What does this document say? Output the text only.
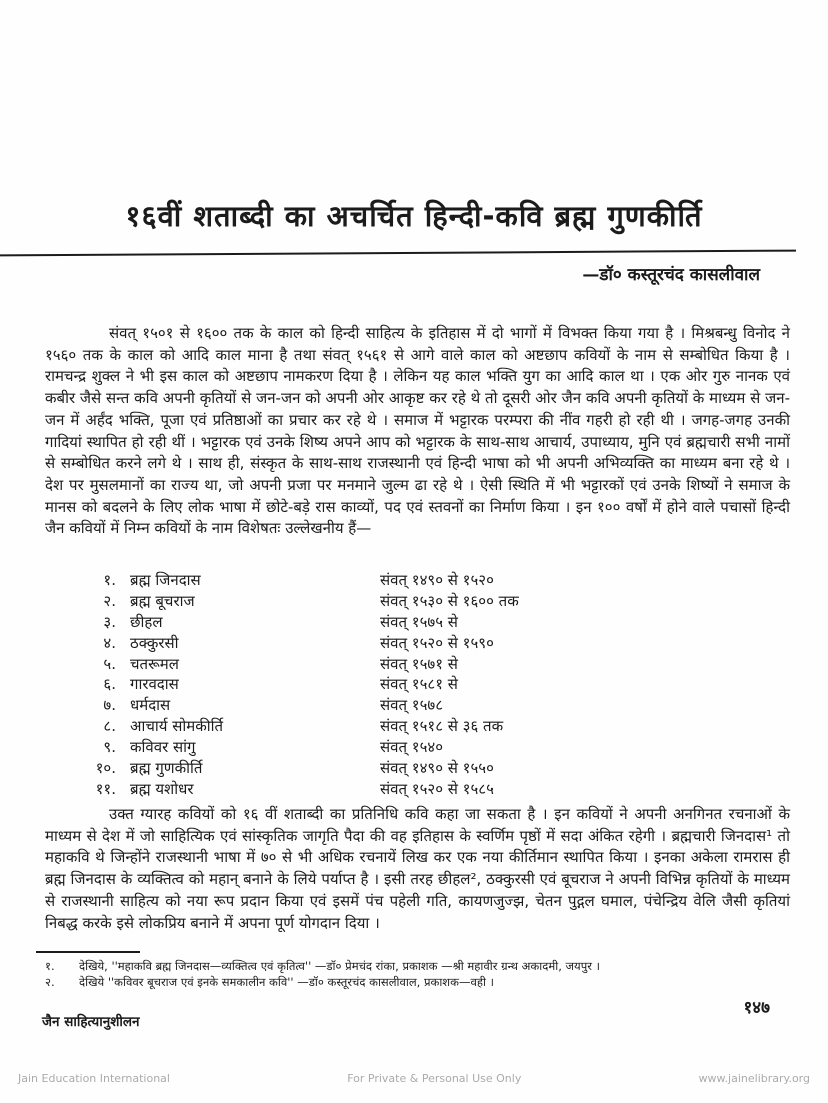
१६वीं शताब्दी का अचर्चित हिन्दी-कवि ब्रह्म गुणकीर्ति
—डॉ० कस्तूरचंद कासलीवाल

संवत् १५०१ से १६०० तक के काल को हिन्दी साहित्य के इतिहास में दो भागों में विभक्त किया गया है । मिश्रबन्धु विनोद ने १५६० तक के काल को आदि काल माना है तथा संवत् १५६१ से आगे वाले काल को अष्टछाप कवियों के नाम से सम्बोधित किया है । रामचन्द्र शुक्ल ने भी इस काल को अष्टछाप नामकरण दिया है । लेकिन यह काल भक्ति युग का आदि काल था । एक ओर गुरु नानक एवं कबीर जैसे सन्त कवि अपनी कृतियों से जन-जन को अपनी ओर आकृष्ट कर रहे थे तो दूसरी ओर जैन कवि अपनी कृतियों के माध्यम से जन-जन में अर्हंद भक्ति, पूजा एवं प्रतिष्ठाओं का प्रचार कर रहे थे । समाज में भट्टारक परम्परा की नींव गहरी हो रही थी । जगह-जगह उनकी गादियां स्थापित हो रही थीं । भट्टारक एवं उनके शिष्य अपने आप को भट्टारक के साथ-साथ आचार्य, उपाध्याय, मुनि एवं ब्रह्मचारी सभी नामों से सम्बोधित करने लगे थे । साथ ही, संस्कृत के साथ-साथ राजस्थानी एवं हिन्दी भाषा को भी अपनी अभिव्यक्ति का माध्यम बना रहे थे । देश पर मुसलमानों का राज्य था, जो अपनी प्रजा पर मनमाने जुल्म ढा रहे थे । ऐसी स्थिति में भी भट्टारकों एवं उनके शिष्यों ने समाज के मानस को बदलने के लिए लोक भाषा में छोटे-बड़े रास काव्यों, पद एवं स्तवनों का निर्माण किया । इन १०० वर्षों में होने वाले पचासों हिन्दी जैन कवियों में निम्न कवियों के नाम विशेषतः उल्लेखनीय हैं—

१. ब्रह्म जिनदास	संवत् १४९० से १५२०
२. ब्रह्म बूचराज	संवत् १५३० से १६०० तक
३. छीहल	संवत् १५७५ से
४. ठक्कुरसी	संवत् १५२० से १५९०
५. चतरूमल	संवत् १५७१ से
६. गारवदास	संवत् १५८१ से
७. धर्मदास	संवत् १५७८
८. आचार्य सोमकीर्ति	संवत् १५१८ से ३६ तक
९. कविवर सांगु	संवत् १५४०
१०. ब्रह्म गुणकीर्ति	संवत् १४९० से १५५०
११. ब्रह्म यशोधर	संवत् १५२० से १५८५

उक्त ग्यारह कवियों को १६ वीं शताब्दी का प्रतिनिधि कवि कहा जा सकता है । इन कवियों ने अपनी अनगिनत रचनाओं के माध्यम से देश में जो साहित्यिक एवं सांस्कृतिक जागृति पैदा की वह इतिहास के स्वर्णिम पृष्ठों में सदा अंकित रहेगी । ब्रह्मचारी जिनदास¹ तो महाकवि थे जिन्होंने राजस्थानी भाषा में ७० से भी अधिक रचनायें लिख कर एक नया कीर्तिमान स्थापित किया । इनका अकेला रामरास ही ब्रह्म जिनदास के व्यक्तित्व को महान् बनाने के लिये पर्याप्त है । इसी तरह छीहल², ठक्कुरसी एवं बूचराज ने अपनी विभिन्न कृतियों के माध्यम से राजस्थानी साहित्य को नया रूप प्रदान किया एवं इसमें पंच पहेली गति, कायणजुज्झ, चेतन पुद्गल घमाल, पंचेन्द्रिय वेलि जैसी कृतियां निबद्ध करके इसे लोकप्रिय बनाने में अपना पूर्ण योगदान दिया ।

१.	देखिये, ''महाकवि ब्रह्म जिनदास—व्यक्तित्व एवं कृतित्व'' —डॉ० प्रेमचंद रांका, प्रकाशक —श्री महावीर ग्रन्थ अकादमी, जयपुर ।
२.	देखिये ''कविवर बूचराज एवं इनके समकालीन कवि'' —डॉ० कस्तूरचंद कासलीवाल, प्रकाशक—वही ।
१४७
जैन साहित्यानुशीलन
Jain Education International	For Private & Personal Use Only	www.jainelibrary.org
